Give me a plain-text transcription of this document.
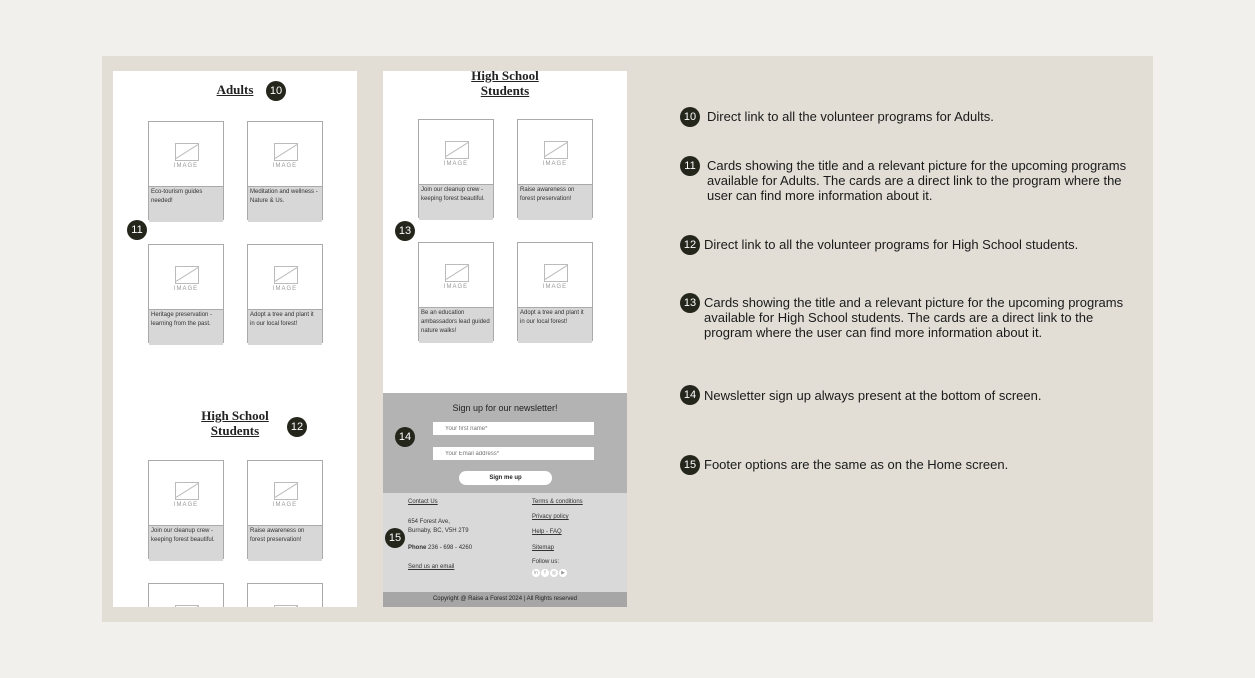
Adults	10
11
IMAGE
Eco-tourism guides needed!
IMAGE
Meditation and wellness - Nature & Us.
IMAGE
Heritage preservation - learning from the past.
IMAGE
Adopt a tree and plant it in our local forest!
High School
Students	12
IMAGE
Join our cleanup crew - keeping forest beautiful.
IMAGE
Raise awareness on forest preservation!
High School
Students
13
IMAGE
Join our cleanup crew - keeping forest beautiful.
IMAGE
Raise awareness on forest preservation!
IMAGE
Be an education ambassadors lead guided nature walks!
IMAGE
Adopt a tree and plant it in our local forest!
Sign up for our newsletter!
14
Your first name*
Your Email address*
Sign me up
15
Contact Us
654 Forest Ave,
Burnaby, BC, V5H 2T9
Phone 236 - 698 - 4260
Send us an email
Terms & conditions
Privacy policy
Help - FAQ
Sitemap
Follow us:
in f ◎ ▶
Copyright @ Raise a Forest 2024 | All Rights reserved
10 Direct link to all the volunteer programs for Adults.
11 Cards showing the title and a relevant picture for the upcoming programs available for Adults. The cards are a direct link to the program where the user can find more information about it.
12 Direct link to all the volunteer programs for High School students.
13 Cards showing the title and a relevant picture for the upcoming programs available for High School students. The cards are a direct link to the program where the user can find more information about it.
14 Newsletter sign up always present at the bottom of screen.
15 Footer options are the same as on the Home screen.
